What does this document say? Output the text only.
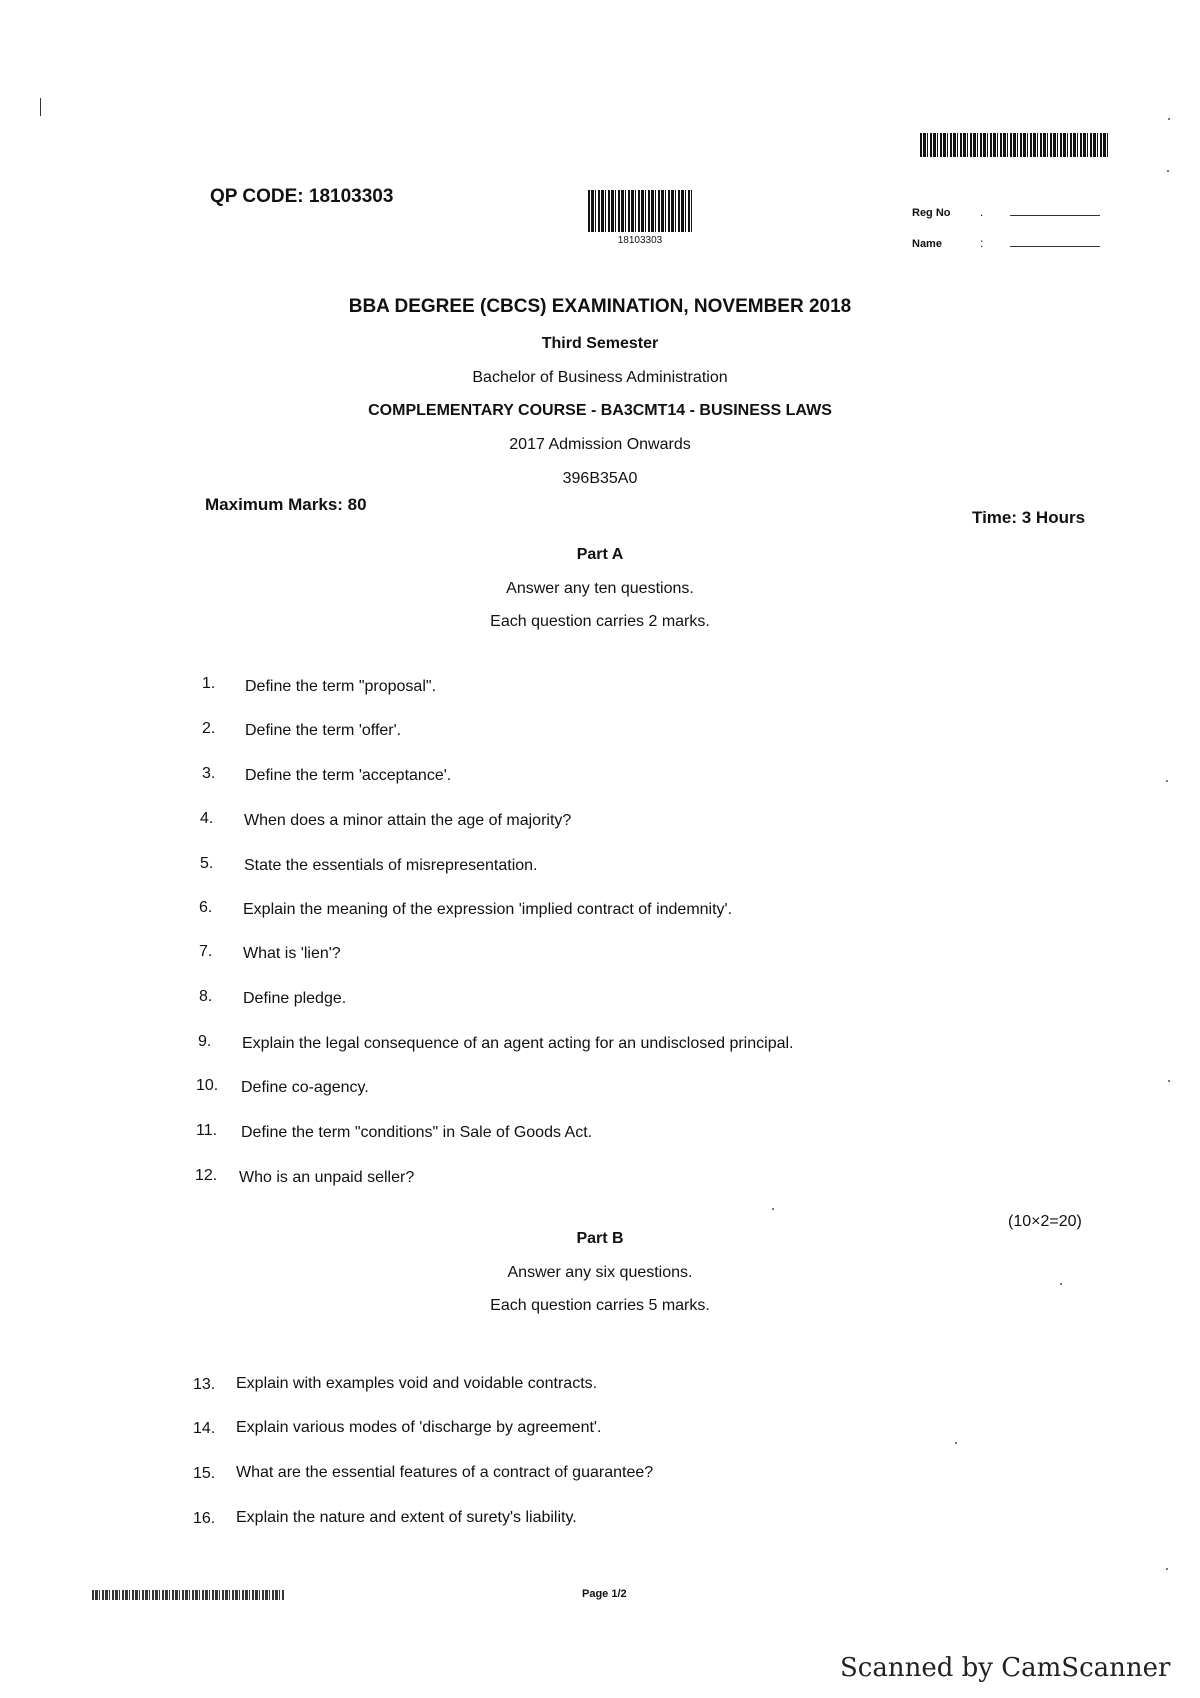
QP CODE: 18103303
18103303
Reg No .
Name	:
BBA DEGREE (CBCS) EXAMINATION, NOVEMBER 2018
Third Semester
Bachelor of Business Administration
COMPLEMENTARY COURSE - BA3CMT14 - BUSINESS LAWS
2017 Admission Onwards
396B35A0
Maximum Marks: 80
Time: 3 Hours
Part A
Answer any ten questions.
Each question carries 2 marks.
1. Define the term "proposal".
2. Define the term 'offer'.
3. Define the term 'acceptance'.
4. When does a minor attain the age of majority?
5. State the essentials of misrepresentation.
6. Explain the meaning of the expression 'implied contract of indemnity'.
7. What is 'lien'?
8. Define pledge.
9. Explain the legal consequence of an agent acting for an undisclosed principal.
10. Define co-agency.
11. Define the term "conditions" in Sale of Goods Act.
12. Who is an unpaid seller?
(10×2=20)
Part B
Answer any six questions.
Each question carries 5 marks.
13. Explain with examples void and voidable contracts.
14. Explain various modes of 'discharge by agreement'.
15. What are the essential features of a contract of guarantee?
16. Explain the nature and extent of surety's liability.
Page 1/2
Scanned by CamScanner
